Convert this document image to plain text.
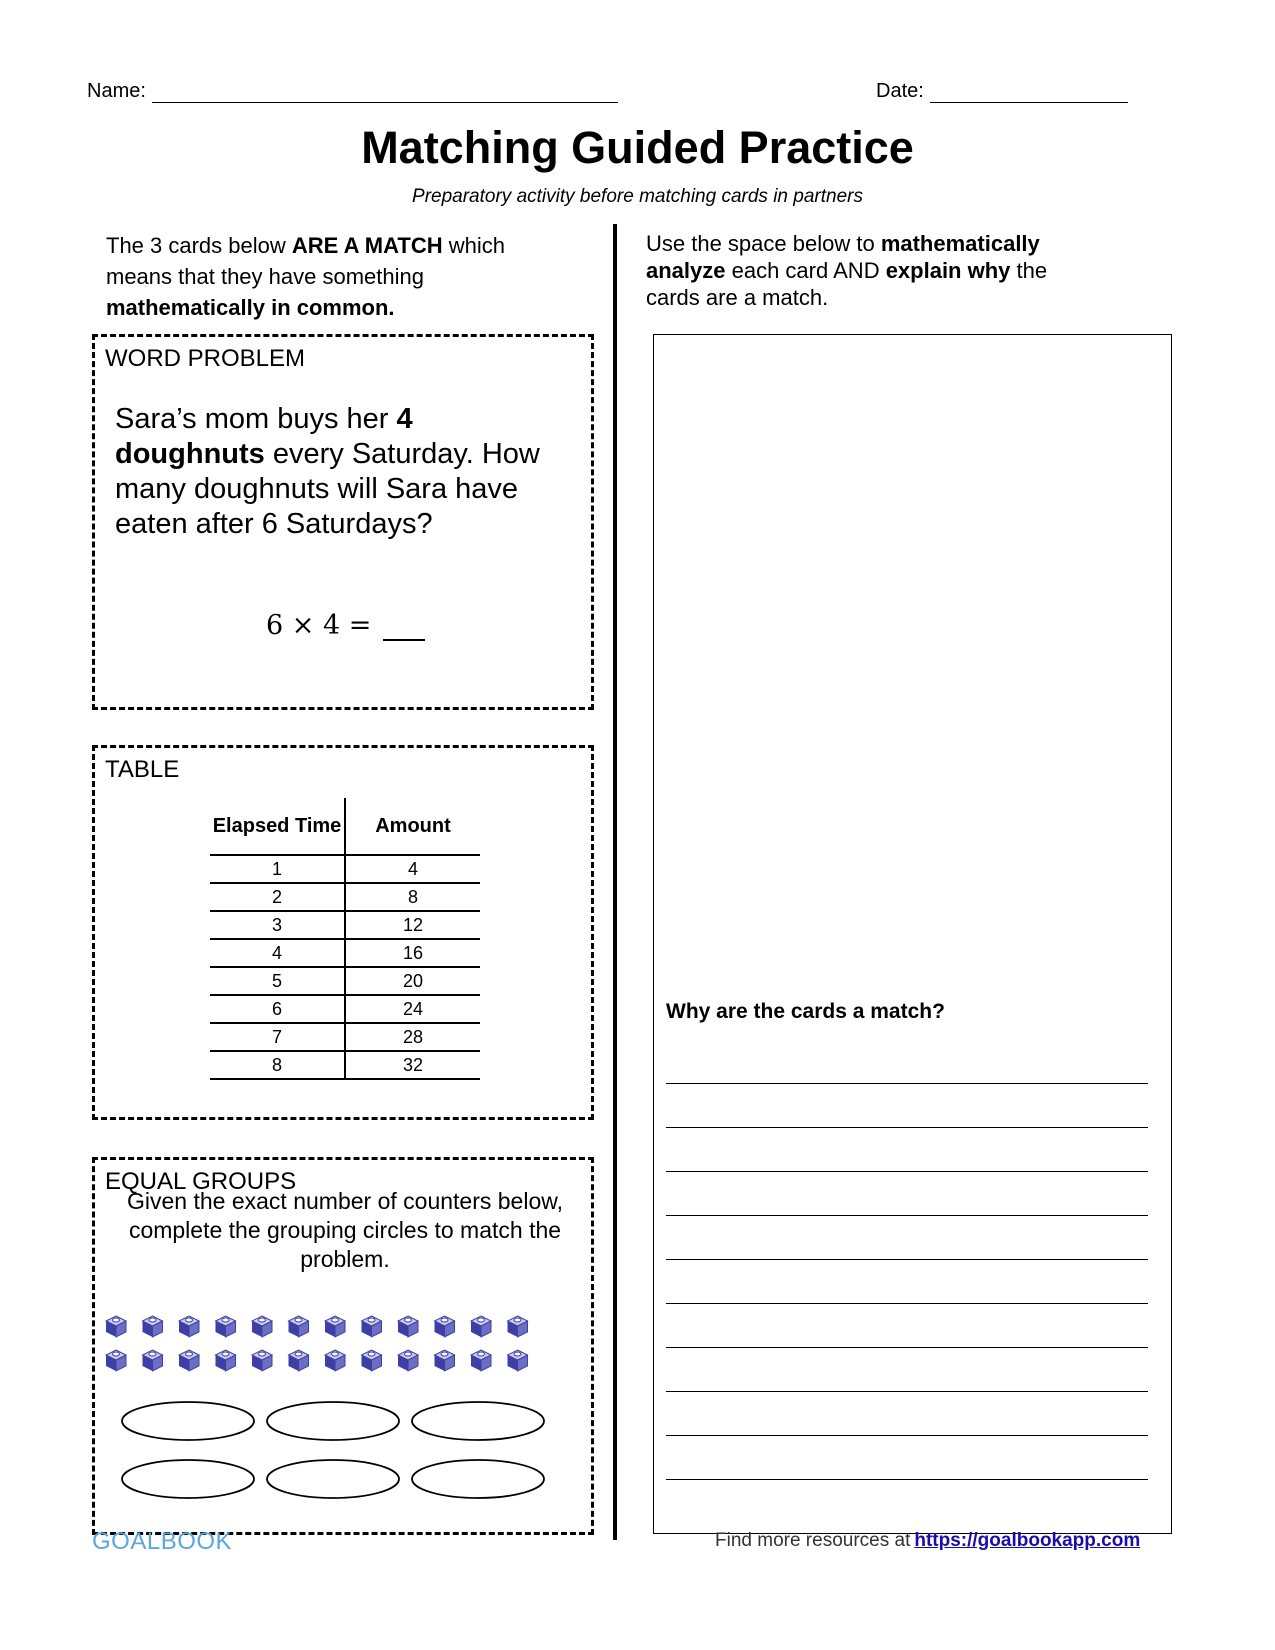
Name:	Date:
Matching Guided Practice
Preparatory activity before matching cards in partners
The 3 cards below ARE A MATCH which means that they have something mathematically in common.
Use the space below to mathematically analyze each card AND explain why the cards are a match.
WORD PROBLEM
Sara’s mom buys her 4 doughnuts every Saturday. How many doughnuts will Sara have eaten after 6 Saturdays?
6 × 4 =
TABLE
Elapsed Time	Amount
1	4
2	8
3	12
4	16
5	20
6	24
7	28
8	32
EQUAL GROUPS
Given the exact number of counters below, complete the grouping circles to match the problem.
Why are the cards a match?
GOALBOOK	Find more resources at https://goalbookapp.com
